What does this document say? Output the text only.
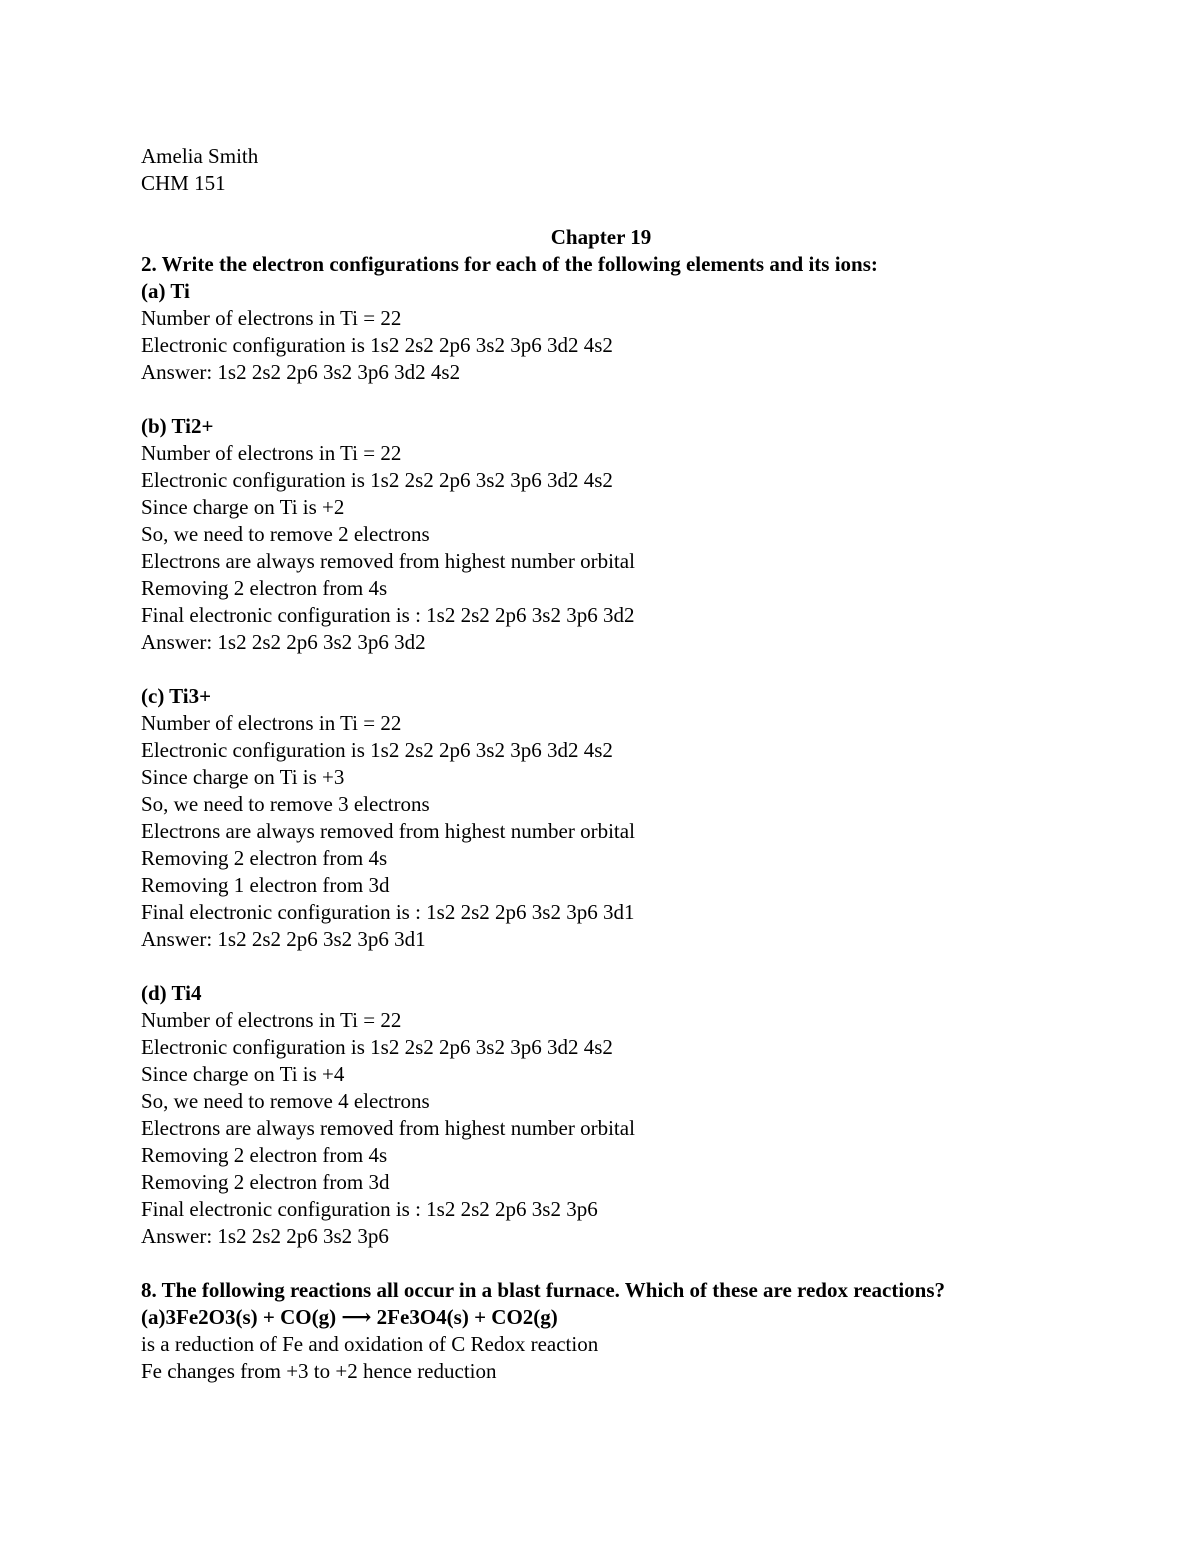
Amelia Smith
CHM 151
Chapter 19
2. Write the electron configurations for each of the following elements and its ions:
(a) Ti
Number of electrons in Ti = 22
Electronic configuration is 1s2 2s2 2p6 3s2 3p6 3d2 4s2
Answer: 1s2 2s2 2p6 3s2 3p6 3d2 4s2
(b) Ti2+
Number of electrons in Ti = 22
Electronic configuration is 1s2 2s2 2p6 3s2 3p6 3d2 4s2
Since charge on Ti is +2
So, we need to remove 2 electrons
Electrons are always removed from highest number orbital
Removing 2 electron from 4s
Final electronic configuration is : 1s2 2s2 2p6 3s2 3p6 3d2
Answer: 1s2 2s2 2p6 3s2 3p6 3d2
(c) Ti3+
Number of electrons in Ti = 22
Electronic configuration is 1s2 2s2 2p6 3s2 3p6 3d2 4s2
Since charge on Ti is +3
So, we need to remove 3 electrons
Electrons are always removed from highest number orbital
Removing 2 electron from 4s
Removing 1 electron from 3d
Final electronic configuration is : 1s2 2s2 2p6 3s2 3p6 3d1
Answer: 1s2 2s2 2p6 3s2 3p6 3d1
(d) Ti4
Number of electrons in Ti = 22
Electronic configuration is 1s2 2s2 2p6 3s2 3p6 3d2 4s2
Since charge on Ti is +4
So, we need to remove 4 electrons
Electrons are always removed from highest number orbital
Removing 2 electron from 4s
Removing 2 electron from 3d
Final electronic configuration is : 1s2 2s2 2p6 3s2 3p6
Answer: 1s2 2s2 2p6 3s2 3p6
8. The following reactions all occur in a blast furnace. Which of these are redox reactions?
(a)3Fe2O3(s) + CO(g) ⟶ 2Fe3O4(s) + CO2(g)
is a reduction of Fe and oxidation of C Redox reaction
Fe changes from +3 to +2 hence reduction
